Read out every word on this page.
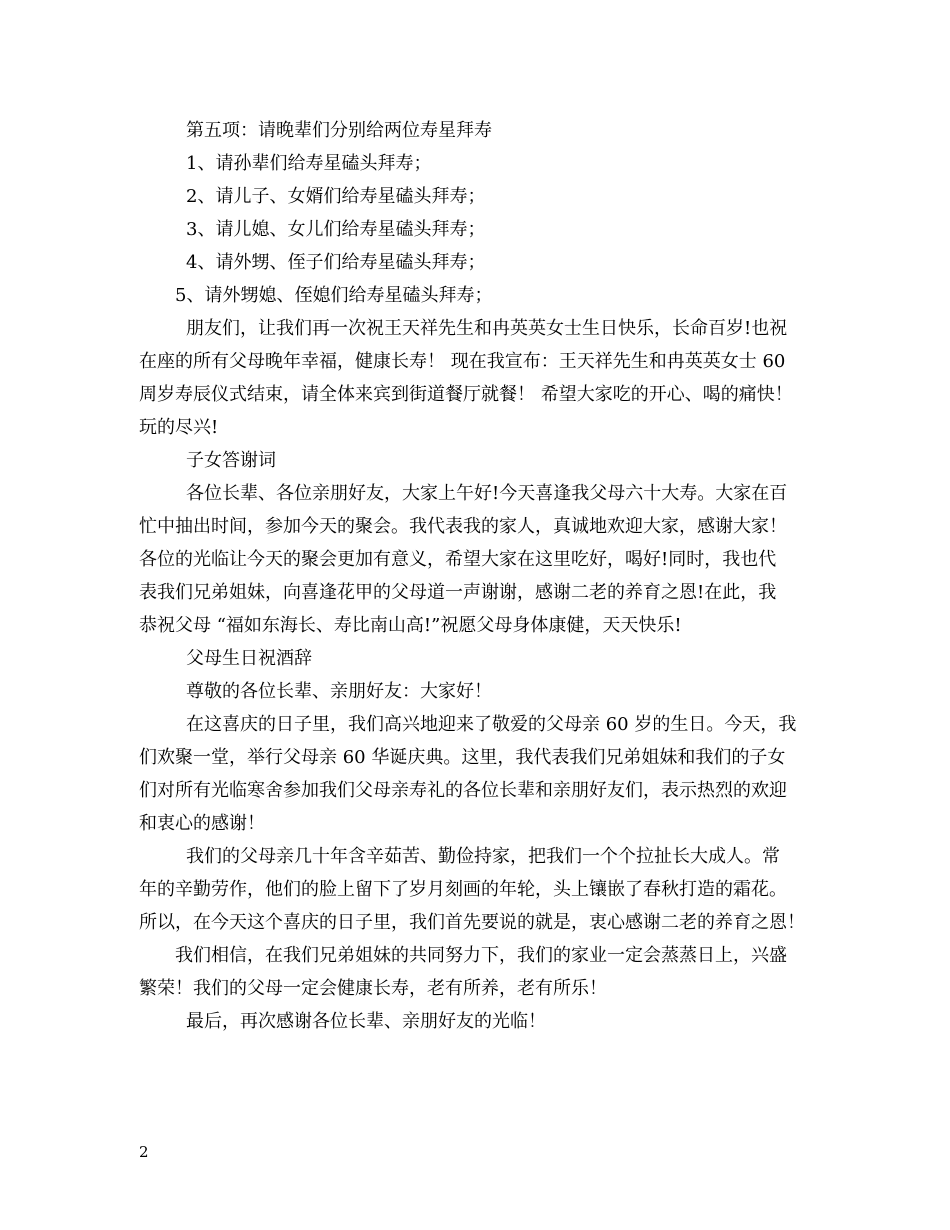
第五项：请晚辈们分别给两位寿星拜寿
1、请孙辈们给寿星磕头拜寿；
2、请儿子、女婿们给寿星磕头拜寿；
3、请儿媳、女儿们给寿星磕头拜寿；
4、请外甥、侄子们给寿星磕头拜寿；
5、请外甥媳、侄媳们给寿星磕头拜寿；
朋友们，让我们再一次祝王天祥先生和冉英英女士生日快乐，长命百岁!也祝
在座的所有父母晚年幸福，健康长寿！ 现在我宣布：王天祥先生和冉英英女士 60
周岁寿辰仪式结束，请全体来宾到街道餐厅就餐！ 希望大家吃的开心、喝的痛快！
玩的尽兴!
子女答谢词
各位长辈、各位亲朋好友，大家上午好!今天喜逢我父母六十大寿。大家在百
忙中抽出时间，参加今天的聚会。我代表我的家人，真诚地欢迎大家，感谢大家！
各位的光临让今天的聚会更加有意义，希望大家在这里吃好，喝好!同时，我也代
表我们兄弟姐妹，向喜逢花甲的父母道一声谢谢，感谢二老的养育之恩!在此，我
恭祝父母 “福如东海长、寿比南山高!”祝愿父母身体康健，天天快乐!
父母生日祝酒辞
尊敬的各位长辈、亲朋好友：大家好！
在这喜庆的日子里，我们高兴地迎来了敬爱的父母亲 60 岁的生日。今天，我
们欢聚一堂，举行父母亲 60 华诞庆典。这里，我代表我们兄弟姐妹和我们的子女
们对所有光临寒舍参加我们父母亲寿礼的各位长辈和亲朋好友们，表示热烈的欢迎
和衷心的感谢！
我们的父母亲几十年含辛茹苦、勤俭持家，把我们一个个拉扯长大成人。常
年的辛勤劳作，他们的脸上留下了岁月刻画的年轮，头上镶嵌了春秋打造的霜花。
所以，在今天这个喜庆的日子里，我们首先要说的就是，衷心感谢二老的养育之恩！
我们相信，在我们兄弟姐妹的共同努力下，我们的家业一定会蒸蒸日上，兴盛
繁荣！我们的父母一定会健康长寿，老有所养，老有所乐！
最后，再次感谢各位长辈、亲朋好友的光临！
2
